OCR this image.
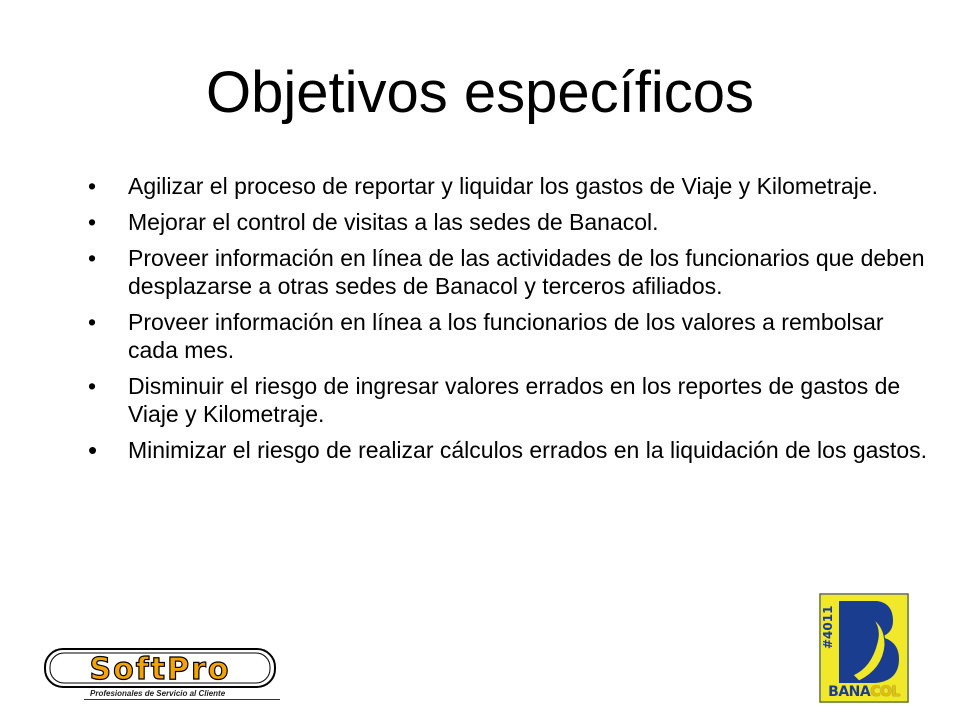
Objetivos específicos
•	Agilizar el proceso de reportar y liquidar los gastos de Viaje y Kilometraje.
•	Mejorar el control de visitas a las sedes de Banacol.
•	Proveer información en línea de las actividades de los funcionarios que deben desplazarse a otras sedes de Banacol y terceros afiliados.
•	Proveer información en línea a los funcionarios de los valores a rembolsar cada mes.
•	Disminuir el riesgo de ingresar valores errados en los reportes de gastos de Viaje y Kilometraje.
•	Minimizar el riesgo de realizar cálculos errados en la liquidación de los gastos.
SoftPro
Profesionales de Servicio al Cliente
#4011
c
BANACOL
